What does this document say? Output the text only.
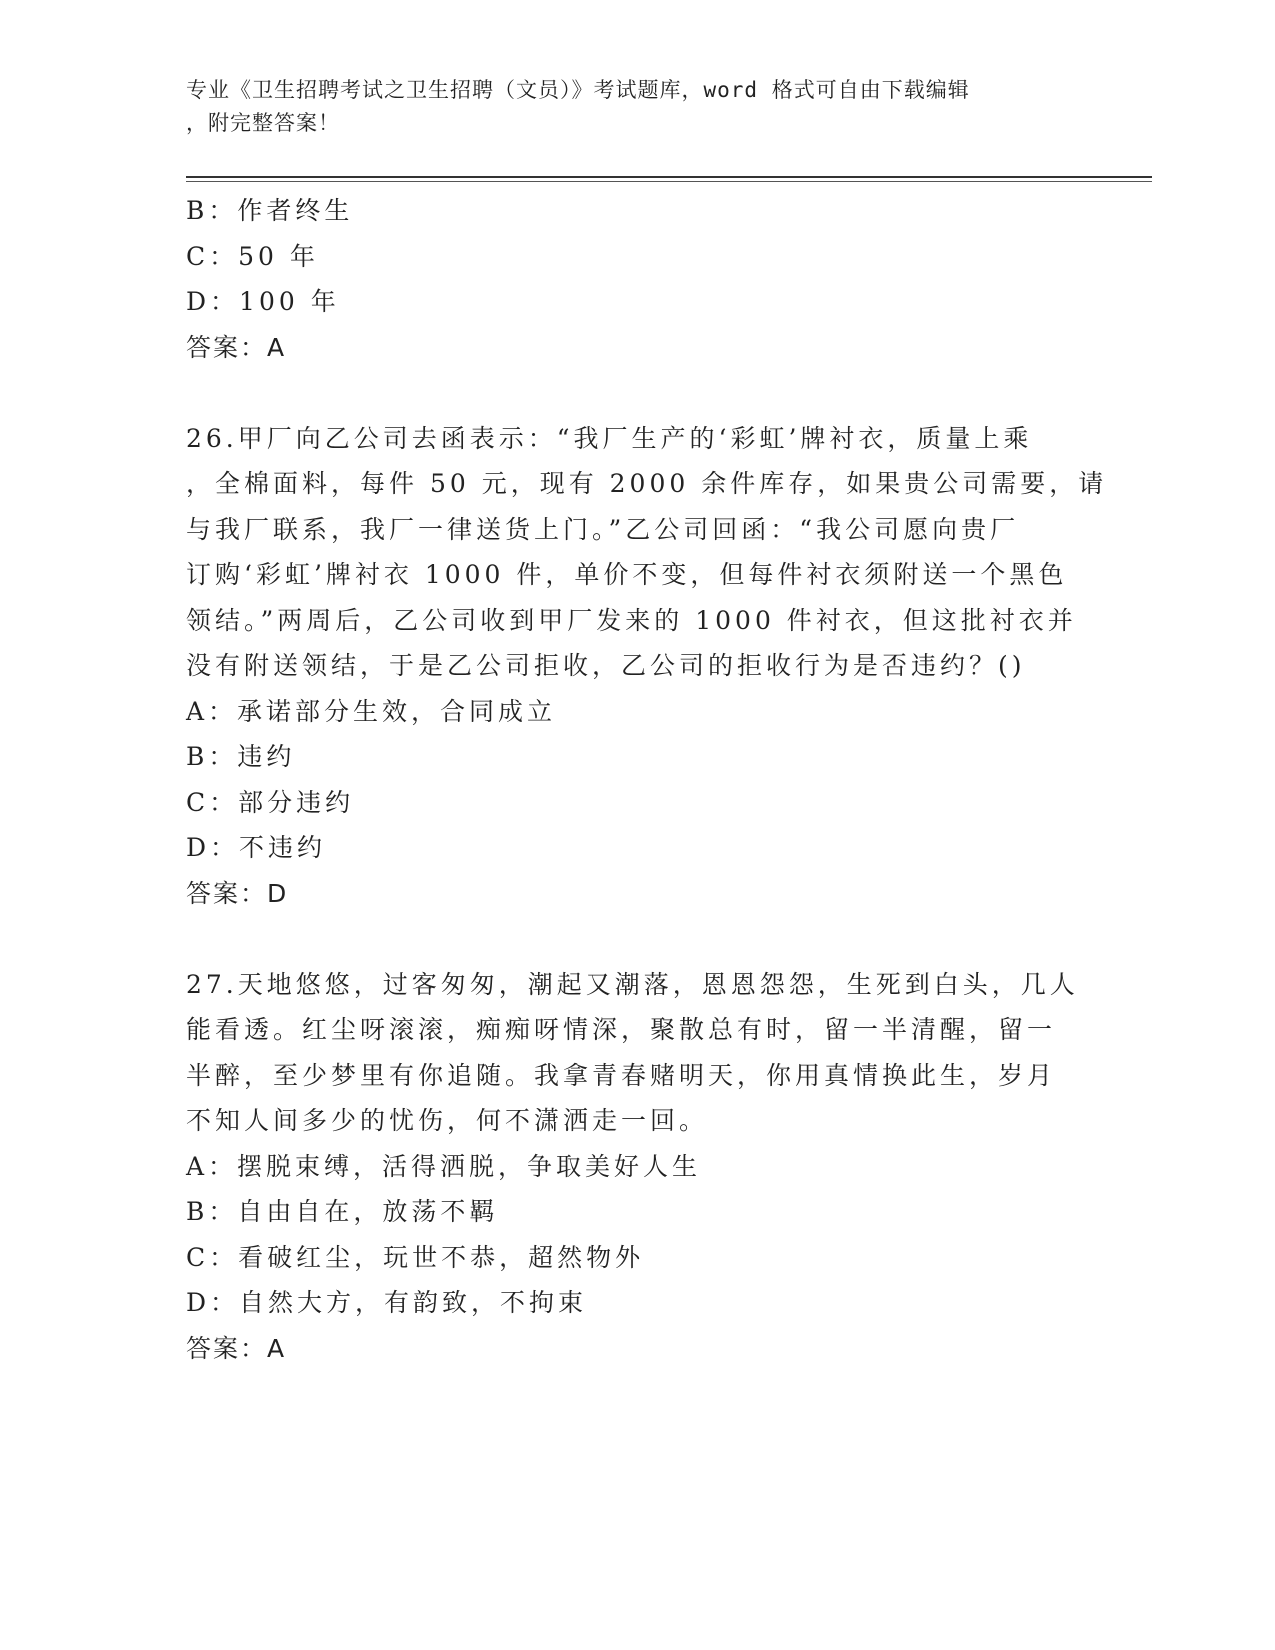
专业《卫生招聘考试之卫生招聘（文员）》考试题库，word 格式可自由下载编辑
，附完整答案！
B：作者终生
C：50 年
D：100 年
答案：A
26.甲厂向乙公司去函表示：“我厂生产的‘彩虹’牌衬衣，质量上乘
，全棉面料，每件 50 元，现有 2000 余件库存，如果贵公司需要，请
与我厂联系，我厂一律送货上门。”乙公司回函：“我公司愿向贵厂
订购‘彩虹’牌衬衣 1000 件，单价不变，但每件衬衣须附送一个黑色
领结。”两周后，乙公司收到甲厂发来的 1000 件衬衣，但这批衬衣并
没有附送领结，于是乙公司拒收，乙公司的拒收行为是否违约？()
A：承诺部分生效，合同成立
B：违约
C：部分违约
D：不违约
答案：D
27.天地悠悠，过客匆匆，潮起又潮落，恩恩怨怨，生死到白头，几人
能看透。红尘呀滚滚，痴痴呀情深，聚散总有时，留一半清醒，留一
半醉，至少梦里有你追随。我拿青春赌明天，你用真情换此生，岁月
不知人间多少的忧伤，何不潇洒走一回。
A：摆脱束缚，活得洒脱，争取美好人生
B：自由自在，放荡不羁
C：看破红尘，玩世不恭，超然物外
D：自然大方，有韵致，不拘束
答案：A
